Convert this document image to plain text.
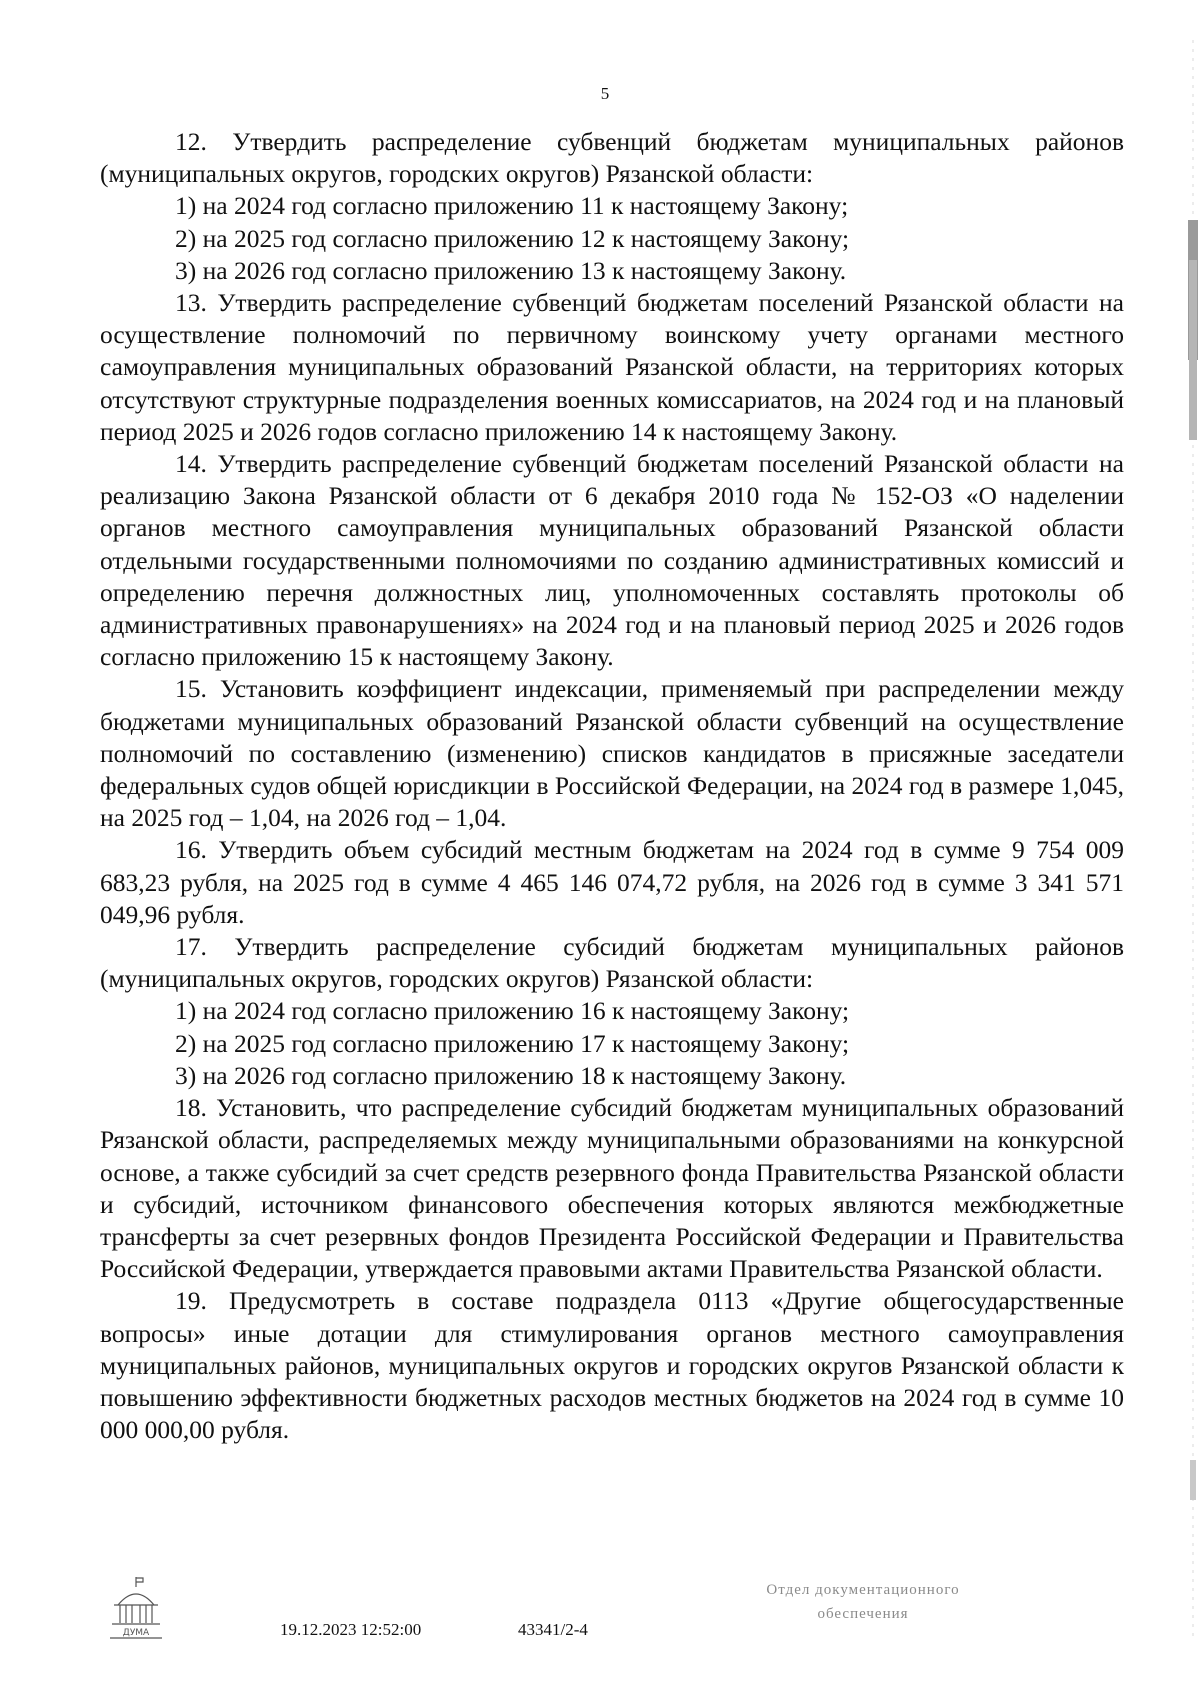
5

12. Утвердить распределение субвенций бюджетам муниципальных районов (муниципальных округов, городских округов) Рязанской области:

1) на 2024 год согласно приложению 11 к настоящему Закону;

2) на 2025 год согласно приложению 12 к настоящему Закону;

3) на 2026 год согласно приложению 13 к настоящему Закону.

13. Утвердить распределение субвенций бюджетам поселений Рязанской области на осуществление полномочий по первичному воинскому учету органами местного самоуправления муниципальных образований Рязанской области, на территориях которых отсутствуют структурные подразделения военных комиссариатов, на 2024 год и на плановый период 2025 и 2026 годов согласно приложению 14 к настоящему Закону.

14. Утвердить распределение субвенций бюджетам поселений Рязанской области на реализацию Закона Рязанской области от 6 декабря 2010 года № 152-ОЗ «О наделении органов местного самоуправления муниципальных образований Рязанской области отдельными государственными полномочиями по созданию административных комиссий и определению перечня должностных лиц, уполномоченных составлять протоколы об административных правонарушениях» на 2024 год и на плановый период 2025 и 2026 годов согласно приложению 15 к настоящему Закону.

15. Установить коэффициент индексации, применяемый при распределении между бюджетами муниципальных образований Рязанской области субвенций на осуществление полномочий по составлению (изменению) списков кандидатов в присяжные заседатели федеральных судов общей юрисдикции в Российской Федерации, на 2024 год в размере 1,045, на 2025 год – 1,04, на 2026 год – 1,04.

16. Утвердить объем субсидий местным бюджетам на 2024 год в сумме 9 754 009 683,23 рубля, на 2025 год в сумме 4 465 146 074,72 рубля, на 2026 год в сумме 3 341 571 049,96 рубля.

17. Утвердить распределение субсидий бюджетам муниципальных районов (муниципальных округов, городских округов) Рязанской области:

1) на 2024 год согласно приложению 16 к настоящему Закону;

2) на 2025 год согласно приложению 17 к настоящему Закону;

3) на 2026 год согласно приложению 18 к настоящему Закону.

18. Установить, что распределение субсидий бюджетам муниципальных образований Рязанской области, распределяемых между муниципальными образованиями на конкурсной основе, а также субсидий за счет средств резервного фонда Правительства Рязанской области и субсидий, источником финансового обеспечения которых являются межбюджетные трансферты за счет резервных фондов Президента Российской Федерации и Правительства Российской Федерации, утверждается правовыми актами Правительства Рязанской области.

19. Предусмотреть в составе подраздела 0113 «Другие общегосударственные вопросы» иные дотации для стимулирования органов местного самоуправления муниципальных районов, муниципальных округов и городских округов Рязанской области к повышению эффективности бюджетных расходов местных бюджетов на 2024 год в сумме 10 000 000,00 рубля.

ДУМА	19.12.2023 12:52:00	43341/2-4
Отдел документационного
обеспечения
